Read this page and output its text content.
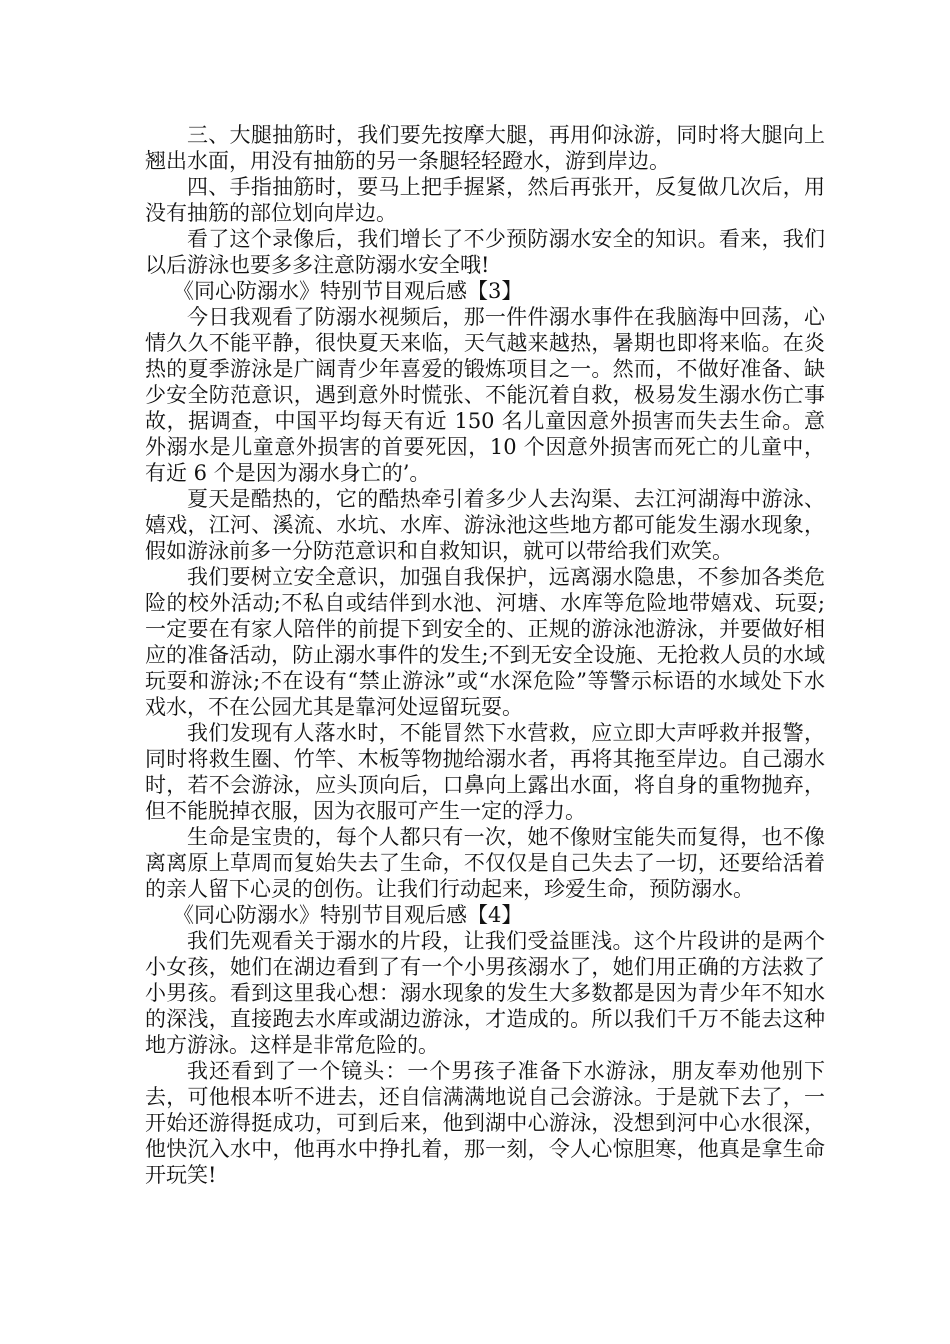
三、大腿抽筋时，我们要先按摩大腿，再用仰泳游，同时将大腿向上翘出水面，用没有抽筋的另一条腿轻轻蹬水，游到岸边。

四、手指抽筋时，要马上把手握紧，然后再张开，反复做几次后，用没有抽筋的部位划向岸边。

看了这个录像后，我们增长了不少预防溺水安全的知识。看来，我们以后游泳也要多多注意防溺水安全哦!

《同心防溺水》特别节目观后感【3】

今日我观看了防溺水视频后，那一件件溺水事件在我脑海中回荡，心情久久不能平静，很快夏天来临，天气越来越热，暑期也即将来临。在炎热的夏季游泳是广阔青少年喜爱的锻炼项目之一。然而，不做好准备、缺少安全防范意识，遇到意外时慌张、不能沉着自救，极易发生溺水伤亡事故，据调查，中国平均每天有近 150 名儿童因意外损害而失去生命。意外溺水是儿童意外损害的首要死因，10 个因意外损害而死亡的儿童中，有近 6 个是因为溺水身亡的’。

夏天是酷热的，它的酷热牵引着多少人去沟渠、去江河湖海中游泳、嬉戏，江河、溪流、水坑、水库、游泳池这些地方都可能发生溺水现象，假如游泳前多一分防范意识和自救知识，就可以带给我们欢笑。

我们要树立安全意识，加强自我保护，远离溺水隐患，不参加各类危险的校外活动;不私自或结伴到水池、河塘、水库等危险地带嬉戏、玩耍;一定要在有家人陪伴的前提下到安全的、正规的游泳池游泳，并要做好相应的准备活动，防止溺水事件的发生;不到无安全设施、无抢救人员的水域玩耍和游泳;不在设有“禁止游泳”或“水深危险”等警示标语的水域处下水戏水，不在公园尤其是靠河处逗留玩耍。

我们发现有人落水时，不能冒然下水营救，应立即大声呼救并报警，同时将救生圈、竹竿、木板等物抛给溺水者，再将其拖至岸边。自己溺水时，若不会游泳，应头顶向后，口鼻向上露出水面，将自身的重物抛弃，但不能脱掉衣服，因为衣服可产生一定的浮力。

生命是宝贵的，每个人都只有一次，她不像财宝能失而复得，也不像离离原上草周而复始失去了生命，不仅仅是自己失去了一切，还要给活着的亲人留下心灵的创伤。让我们行动起来，珍爱生命，预防溺水。

《同心防溺水》特别节目观后感【4】

我们先观看关于溺水的片段，让我们受益匪浅。这个片段讲的是两个小女孩，她们在湖边看到了有一个小男孩溺水了，她们用正确的方法救了小男孩。看到这里我心想：溺水现象的发生大多数都是因为青少年不知水的深浅，直接跑去水库或湖边游泳，才造成的。所以我们千万不能去这种地方游泳。这样是非常危险的。

我还看到了一个镜头：一个男孩子准备下水游泳，朋友奉劝他别下去，可他根本听不进去，还自信满满地说自己会游泳。于是就下去了，一开始还游得挺成功，可到后来，他到湖中心游泳，没想到河中心水很深，他快沉入水中，他再水中挣扎着，那一刻，令人心惊胆寒，他真是拿生命开玩笑!
